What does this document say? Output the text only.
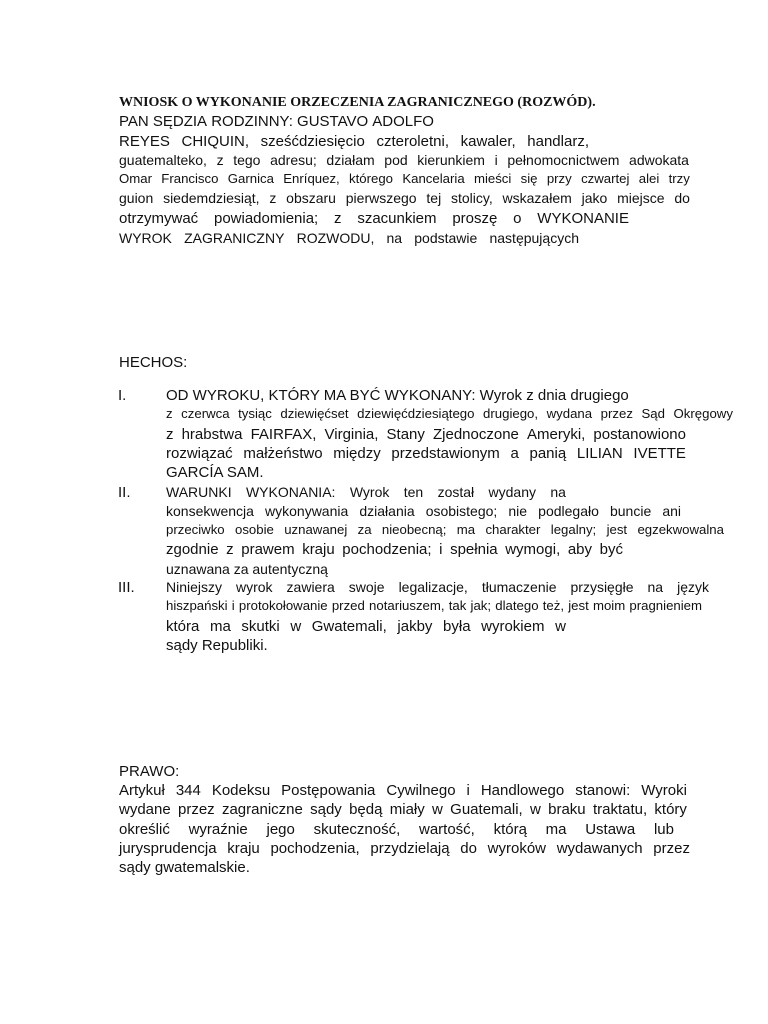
WNIOSK O WYKONANIE ORZECZENIA ZAGRANICZNEGO (ROZWÓD).
PAN SĘDZIA RODZINNY: GUSTAVO ADOLFO
REYES CHIQUIN, sześćdziesięcio czteroletni, kawaler, handlarz,
guatemalteko, z tego adresu; działam pod kierunkiem i pełnomocnictwem adwokata
Omar Francisco Garnica Enríquez, którego Kancelaria mieści się przy czwartej alei trzy
guion siedemdziesiąt, z obszaru pierwszego tej stolicy, wskazałem jako miejsce do
otrzymywać powiadomienia; z szacunkiem proszę o WYKONANIE
WYROK ZAGRANICZNY ROZWODU, na podstawie następujących
HECHOS:
I.	OD WYROKU, KTÓRY MA BYĆ WYKONANY: Wyrok z dnia drugiego
z czerwca tysiąc dziewięćset dziewięćdziesiątego drugiego, wydana przez Sąd Okręgowy
z hrabstwa FAIRFAX, Virginia, Stany Zjednoczone Ameryki, postanowiono
rozwiązać małżeństwo między przedstawionym a panią LILIAN IVETTE
GARCÍA SAM.
II.	WARUNKI WYKONANIA: Wyrok ten został wydany na
konsekwencja wykonywania działania osobistego; nie podlegało buncie ani
przeciwko osobie uznawanej za nieobecną; ma charakter legalny; jest egzekwowalna
zgodnie z prawem kraju pochodzenia; i spełnia wymogi, aby być
uznawana za autentyczną
III. Niniejszy wyrok zawiera swoje legalizacje, tłumaczenie przysięgłe na język
hiszpański i protokołowanie przed notariuszem, tak jak; dlatego też, jest moim pragnieniem
która ma skutki w Gwatemali, jakby była wyrokiem w
sądy Republiki.
PRAWO:
Artykuł 344 Kodeksu Postępowania Cywilnego i Handlowego stanowi: Wyroki
wydane przez zagraniczne sądy będą miały w Guatemali, w braku traktatu, który
określić wyraźnie jego skuteczność, wartość, którą ma Ustawa lub
jurysprudencja kraju pochodzenia, przydzielają do wyroków wydawanych przez
sądy gwatemalskie.
